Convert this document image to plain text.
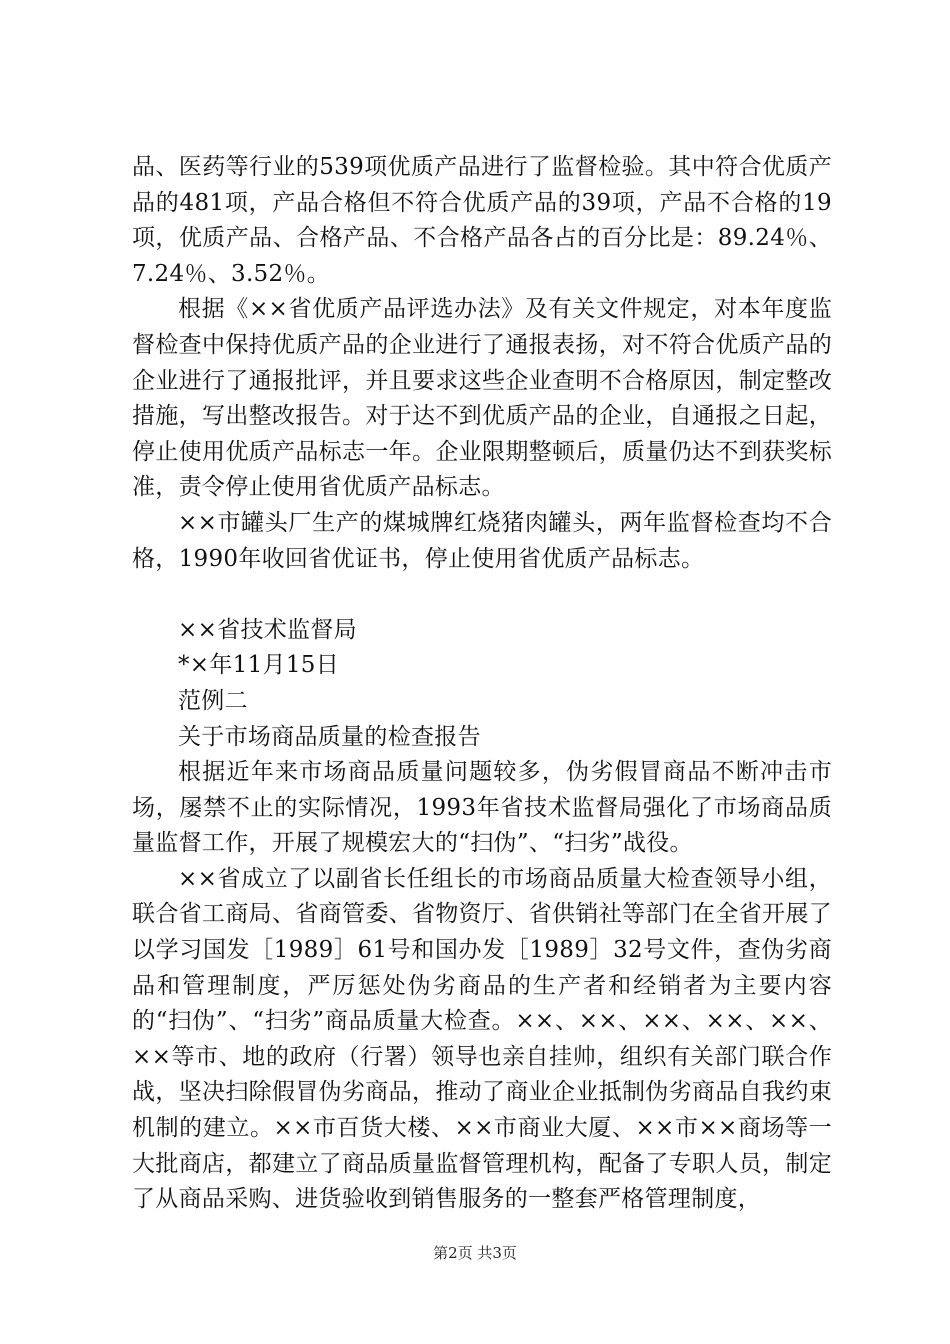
品、医药等行业的539项优质产品进行了监督检验。其中符合优质产品的481项，产品合格但不符合优质产品的39项，产品不合格的19项，优质产品、合格产品、不合格产品各占的百分比是：89.24％、7.24％、3.52％。

根据《××省优质产品评选办法》及有关文件规定，对本年度监督检查中保持优质产品的企业进行了通报表扬，对不符合优质产品的企业进行了通报批评，并且要求这些企业查明不合格原因，制定整改措施，写出整改报告。对于达不到优质产品的企业，自通报之日起，停止使用优质产品标志一年。企业限期整顿后，质量仍达不到获奖标准，责令停止使用省优质产品标志。

××市罐头厂生产的煤城牌红烧猪肉罐头，两年监督检查均不合格，1990年收回省优证书，停止使用省优质产品标志。

××省技术监督局

*×年11月15日

范例二

关于市场商品质量的检查报告

根据近年来市场商品质量问题较多，伪劣假冒商品不断冲击市场，屡禁不止的实际情况，1993年省技术监督局强化了市场商品质量监督工作，开展了规模宏大的“扫伪”、“扫劣”战役。

××省成立了以副省长任组长的市场商品质量大检查领导小组，联合省工商局、省商管委、省物资厅、省供销社等部门在全省开展了以学习国发［1989］61号和国办发［1989］32号文件，查伪劣商品和管理制度，严厉惩处伪劣商品的生产者和经销者为主要内容的“扫伪”、“扫劣”商品质量大检查。××、××、××、××、××、××等市、地的政府（行署）领导也亲自挂帅，组织有关部门联合作战，坚决扫除假冒伪劣商品，推动了商业企业抵制伪劣商品自我约束机制的建立。××市百货大楼、××市商业大厦、××市××商场等一大批商店，都建立了商品质量监督管理机构，配备了专职人员，制定了从商品采购、进货验收到销售服务的一整套严格管理制度，

第2页 共3页
